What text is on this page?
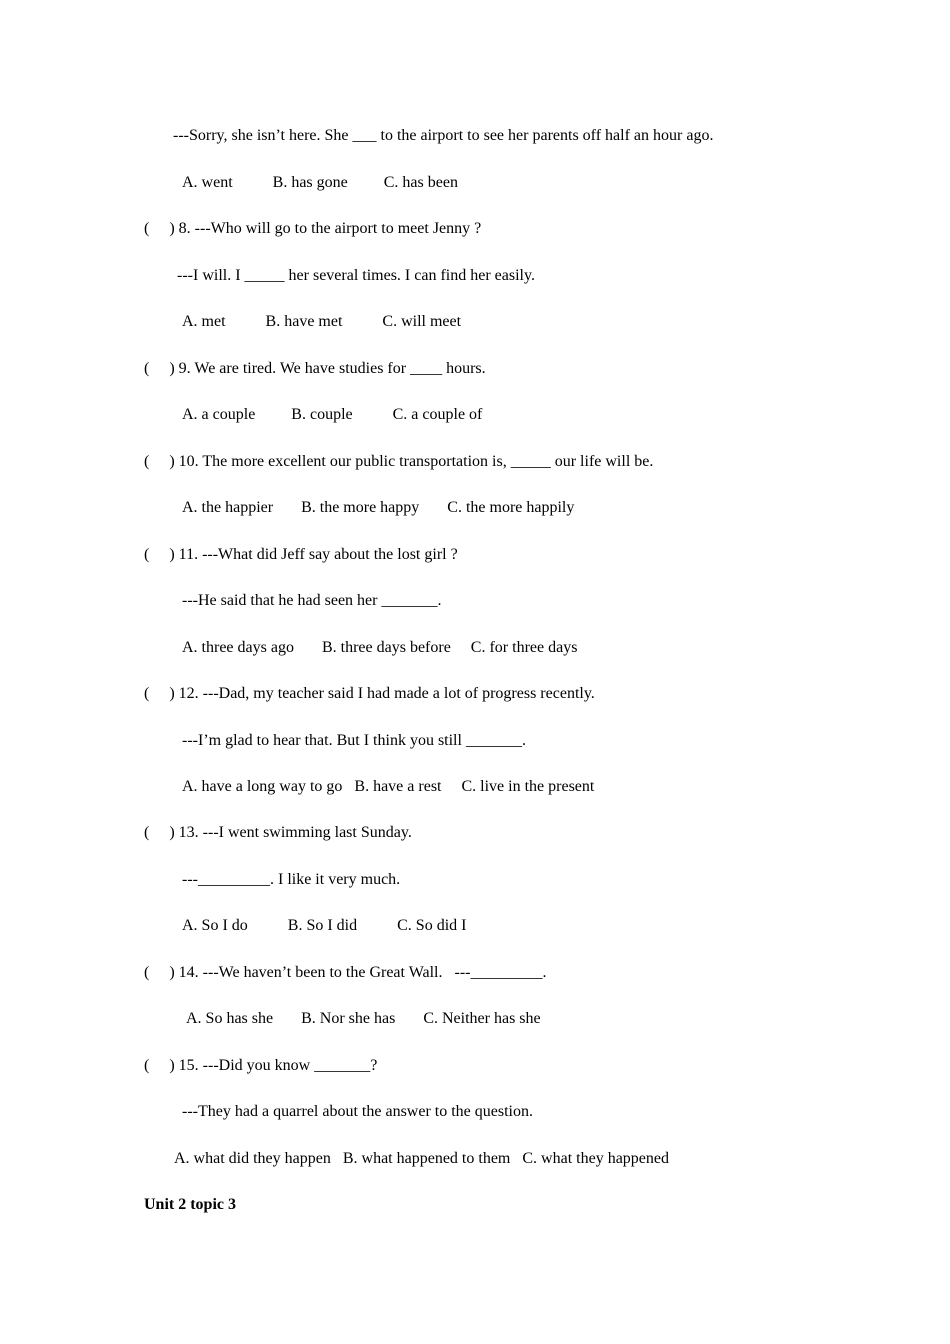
---Sorry, she isn’t here. She ___ to the airport to see her parents off half an hour ago.
A. went          B. has gone         C. has been
(     ) 8. ---Who will go to the airport to meet Jenny ?
---I will. I _____ her several times. I can find her easily.
A. met          B. have met          C. will meet
(     ) 9. We are tired. We have studies for ____ hours.
A. a couple         B. couple          C. a couple of
(     ) 10. The more excellent our public transportation is, _____ our life will be.
A. the happier       B. the more happy       C. the more happily
(     ) 11. ---What did Jeff say about the lost girl ?
---He said that he had seen her _______.
A. three days ago       B. three days before     C. for three days
(     ) 12. ---Dad, my teacher said I had made a lot of progress recently.
---I’m glad to hear that. But I think you still _______.
A. have a long way to go   B. have a rest     C. live in the present
(     ) 13. ---I went swimming last Sunday.
---_________. I like it very much.
A. So I do          B. So I did          C. So did I
(     ) 14. ---We haven’t been to the Great Wall.   ---_________.
A. So has she       B. Nor she has       C. Neither has she
(     ) 15. ---Did you know _______?
---They had a quarrel about the answer to the question.
A. what did they happen   B. what happened to them   C. what they happened
Unit 2 topic 3
